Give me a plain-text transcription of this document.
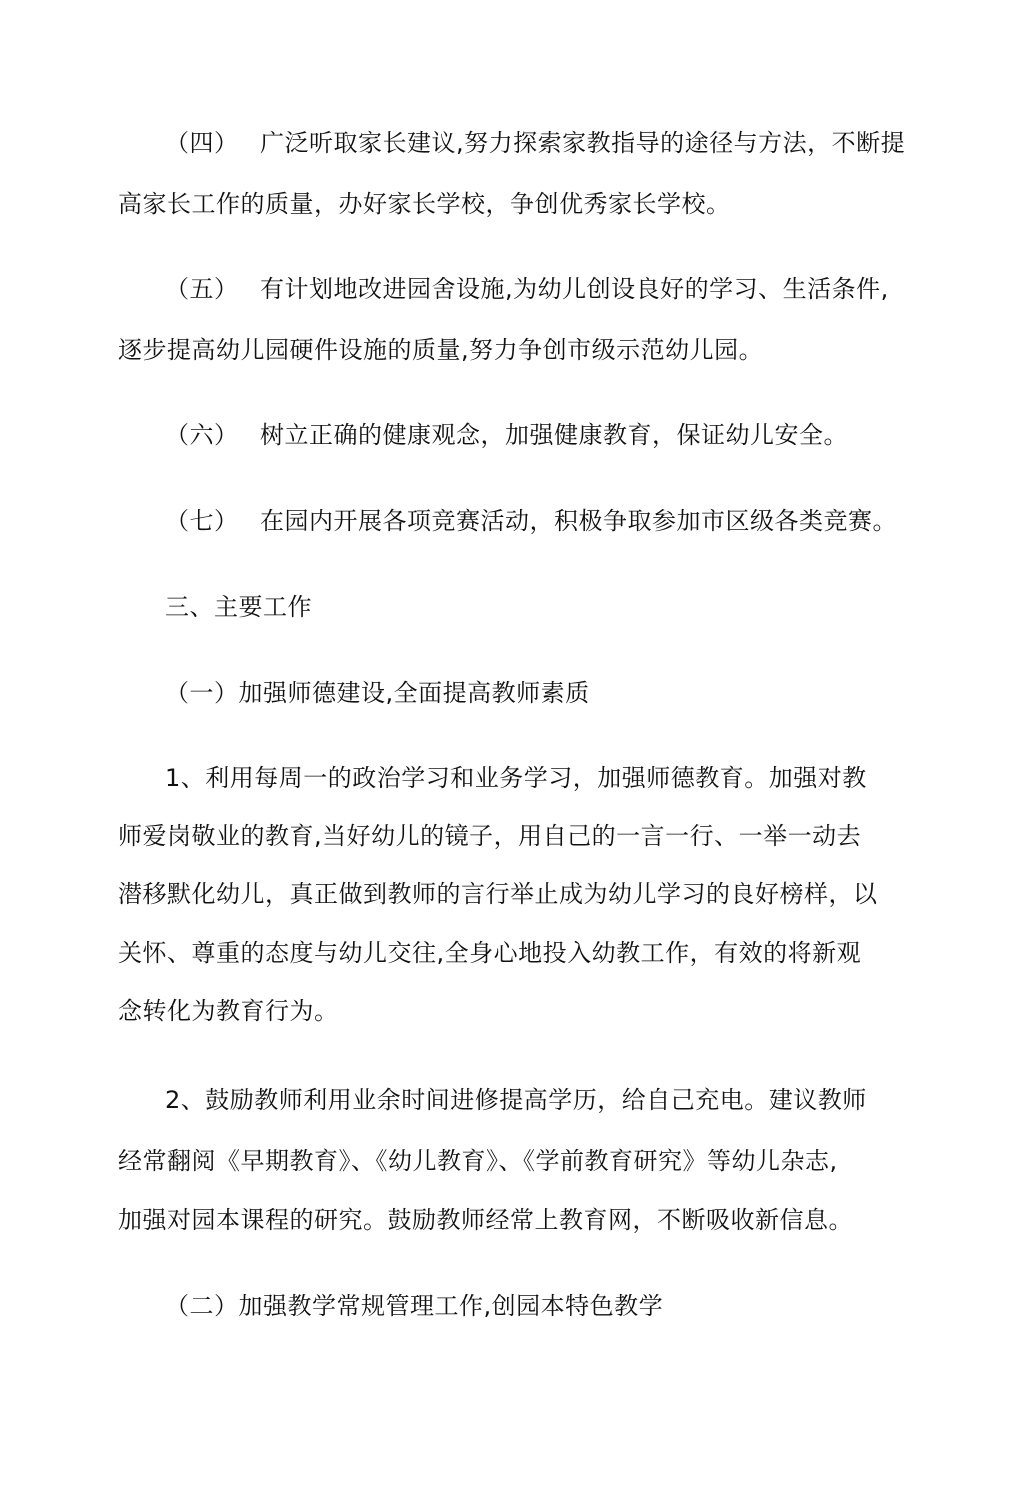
（四） 广泛听取家长建议,努力探索家教指导的途径与方法，不断提
高家长工作的质量，办好家长学校，争创优秀家长学校。
（五） 有计划地改进园舍设施,为幼儿创设良好的学习、生活条件,
逐步提高幼儿园硬件设施的质量,努力争创市级示范幼儿园。
（六） 树立正确的健康观念，加强健康教育，保证幼儿安全。
（七） 在园内开展各项竞赛活动，积极争取参加市区级各类竞赛。
三、主要工作
（一）加强师德建设,全面提高教师素质
1、利用每周一的政治学习和业务学习，加强师德教育。加强对教
师爱岗敬业的教育,当好幼儿的镜子，用自己的一言一行、一举一动去
潜移默化幼儿，真正做到教师的言行举止成为幼儿学习的良好榜样，以
关怀、尊重的态度与幼儿交往,全身心地投入幼教工作，有效的将新观
念转化为教育行为。
2、鼓励教师利用业余时间进修提高学历，给自己充电。建议教师
经常翻阅《早期教育》、《幼儿教育》、《学前教育研究》等幼儿杂志,
加强对园本课程的研究。鼓励教师经常上教育网，不断吸收新信息。
（二）加强教学常规管理工作,创园本特色教学
